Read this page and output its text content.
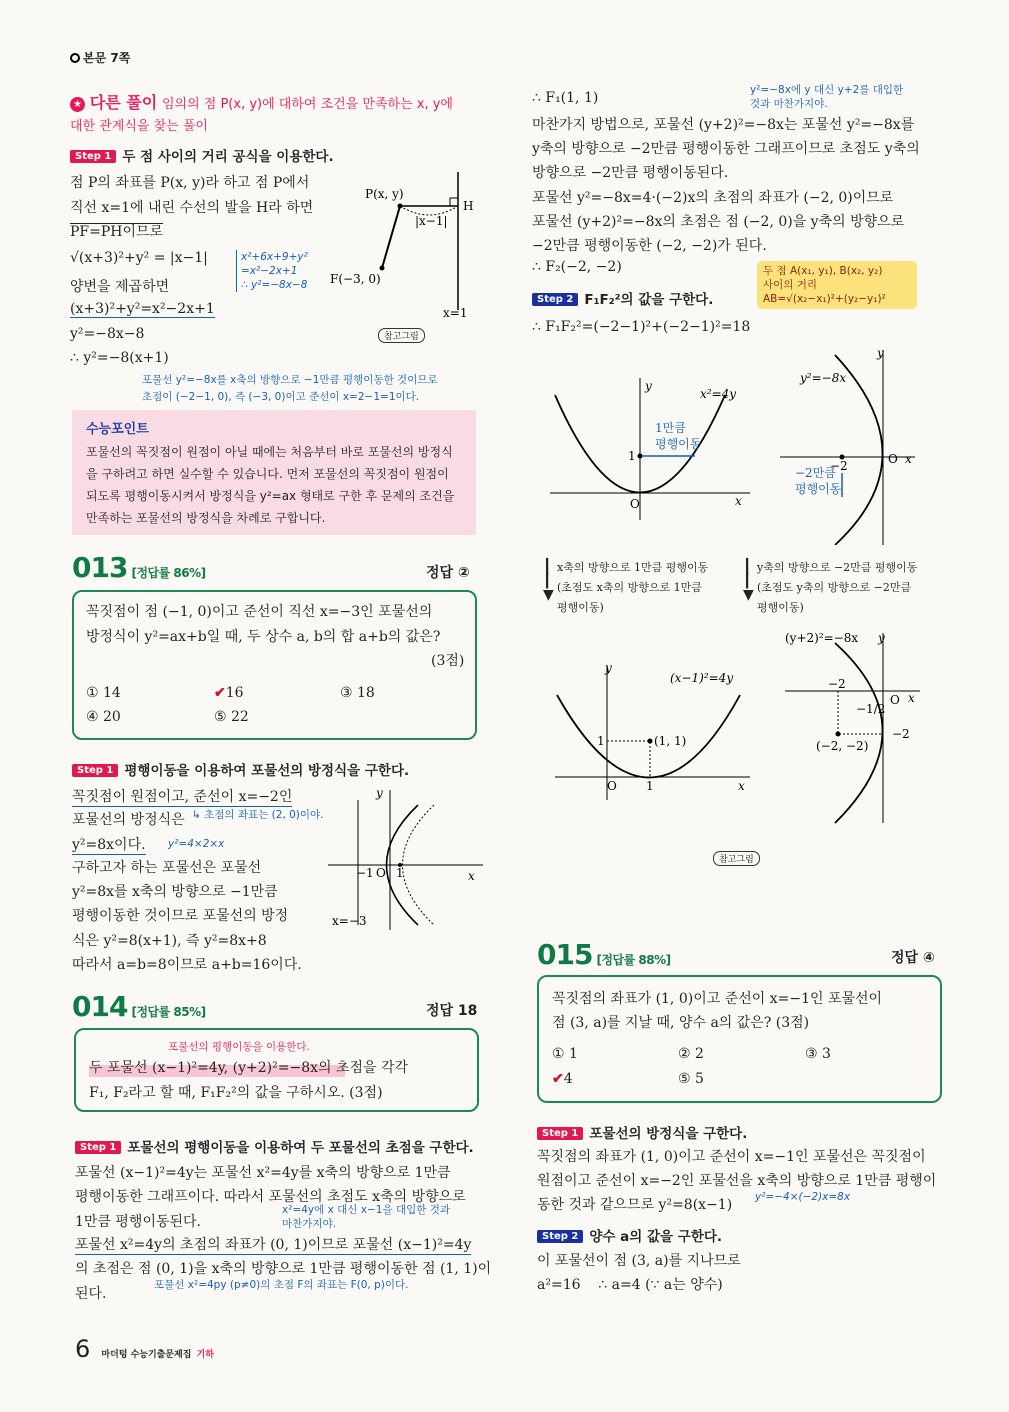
본문 7쪽
★ 다른 풀이 임의의 점 P(x, y)에 대하여 조건을 만족하는 x, y에
대한 관계식을 찾는 풀이
Step 1 두 점 사이의 거리 공식을 이용한다.
점 P의 좌표를 P(x, y)라 하고 점 P에서
직선 x=1에 내린 수선의 발을 H라 하면
PF=PH이므로
√(x+3)²+y² = |x−1|
양변을 제곱하면
(x+3)²+y²=x²−2x+1
y²=−8x−8
∴ y²=−8(x+1)
x²+6x+9+y²
=x²−2x+1
∴ y²=−8x−8
포물선 y²=−8x를 x축의 방향으로 −1만큼 평행이동한 것이므로
초점이 (−2−1, 0), 즉 (−3, 0)이고 준선이 x=2−1=1이다.
P(x, y)
H
F(−3, 0)
|x−1|
x=1
참고그림
수능포인트
포물선의 꼭짓점이 원점이 아닐 때에는 처음부터 바로 포물선의 방정식
을 구하려고 하면 실수할 수 있습니다. 먼저 포물선의 꼭짓점이 원점이
되도록 평행이동시켜서 방정식을 y²=ax 형태로 구한 후 문제의 조건을
만족하는 포물선의 방정식을 차례로 구합니다.
013 [정답률 86%]	정답 ②
꼭짓점이 점 (−1, 0)이고 준선이 직선 x=−3인 포물선의
방정식이 y²=ax+b일 때, 두 상수 a, b의 합 a+b의 값은?
(3점)
① 14	✔16	③ 18
④ 20	⑤ 22
Step 1 평행이동을 이용하여 포물선의 방정식을 구한다.
꼭짓점이 원점이고, 준선이 x=−2인
포물선의 방정식은
y²=8x이다.
구하고자 하는 포물선은 포물선
y²=8x를 x축의 방향으로 −1만큼
평행이동한 것이므로 포물선의 방정
식은 y²=8(x+1), 즉 y²=8x+8
따라서 a=b=8이므로 a+b=16이다.
↳ 초점의 좌표는 (2, 0)이야.
y²=4×2×x
y
x
−1 O 1
x=−3
014 [정답률 85%]	정답 18
포물선의 평행이동을 이용한다.
두 포물선 (x−1)²=4y, (y+2)²=−8x의 초점을 각각
F₁, F₂라고 할 때, F₁F₂²의 값을 구하시오. (3점)
Step 1 포물선의 평행이동을 이용하여 두 포물선의 초점을 구한다.
포물선 (x−1)²=4y는 포물선 x²=4y를 x축의 방향으로 1만큼
평행이동한 그래프이다. 따라서 포물선의 초점도 x축의 방향으로
1만큼 평행이동된다.
포물선 x²=4y의 초점의 좌표가 (0, 1)이므로 포물선 (x−1)²=4y
의 초점은 점 (0, 1)을 x축의 방향으로 1만큼 평행이동한 점 (1, 1)이
된다.
x²=4y에 x 대신 x−1을 대입한 것과
마찬가지야.
포물선 x²=4py (p≠0)의 초점 F의 좌표는 F(0, p)이다.
∴ F₁(1, 1)
마찬가지 방법으로, 포물선 (y+2)²=−8x는 포물선 y²=−8x를
y축의 방향으로 −2만큼 평행이동한 그래프이므로 초점도 y축의
방향으로 −2만큼 평행이동된다.
포물선 y²=−8x=4·(−2)x의 초점의 좌표가 (−2, 0)이므로
포물선 (y+2)²=−8x의 초점은 점 (−2, 0)을 y축의 방향으로
−2만큼 평행이동한 (−2, −2)가 된다.
∴ F₂(−2, −2)
y²=−8x에 y 대신 y+2를 대입한
것과 마찬가지야.
두 점 A(x₁, y₁), B(x₂, y₂)
사이의 거리
AB=√(x₂−x₁)²+(y₂−y₁)²
Step 2 F₁F₂²의 값을 구한다.
∴ F₁F₂²=(−2−1)²+(−2−1)²=18
y
x
O
1
x²=4y
1만큼
평행이동
y
x
O
−2
y²=−8x
−2만큼
평행이동
┃
┃
▼
x축의 방향으로 1만큼 평행이동
(초점도 x축의 방향으로 1만큼
평행이동)
┃
┃
▼
y축의 방향으로 −2만큼 평행이동
(초점도 y축의 방향으로 −2만큼
평행이동)
y
x
O 1
1	(1, 1)
(x−1)²=4y
y
x
O
−2
−2
−1/2
(−2, −2)
(y+2)²=−8x
참고그림
015 [정답률 88%]	정답 ④
꼭짓점의 좌표가 (1, 0)이고 준선이 x=−1인 포물선이
점 (3, a)를 지날 때, 양수 a의 값은? (3점)
① 1	② 2	③ 3
✔4	⑤ 5
Step 1 포물선의 방정식을 구한다.
꼭짓점의 좌표가 (1, 0)이고 준선이 x=−1인 포물선은 꼭짓점이
원점이고 준선이 x=−2인 포물선을 x축의 방향으로 1만큼 평행이
동한 것과 같으므로 y²=8(x−1) y²=−4×(−2)x=8x
Step 2 양수 a의 값을 구한다.
이 포물선이 점 (3, a)를 지나므로
a²=16    ∴ a=4 (∵ a는 양수)
6 마더텅 수능기출문제집 기하
